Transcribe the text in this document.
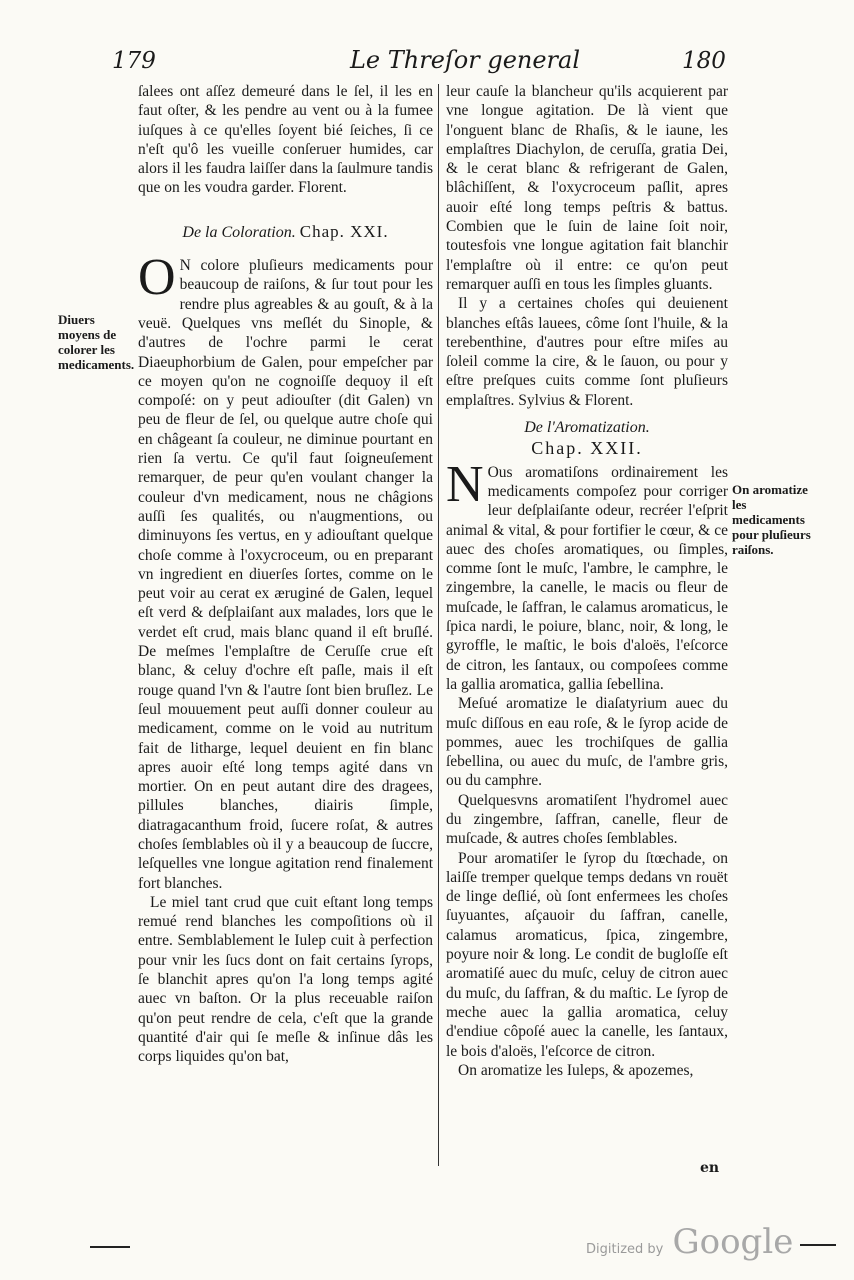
179	Le Threſor general	180

ſalees ont aſſez demeuré dans le ſel, il les en faut oſter, & les pendre au vent ou à la fumee iuſques à ce qu'elles ſoyent bié ſeiches, ſi ce n'eſt qu'ô les vueille conſeruer humides, car alors il les faudra laiſſer dans la ſaulmure tandis que on les voudra garder. Florent.

De la Coloration. Chap. XXI.

O N colore pluſieurs medicaments pour beaucoup de raiſons, & ſur tout pour les rendre plus agreables & au gouſt, & à la veuë. Quelques vns meſlét du Sinople, & d'autres de l'ochre parmi le cerat Diaeuphorbium de Galen, pour empeſcher par ce moyen qu'on ne cognoiſſe dequoy il eſt compoſé: on y peut adiouſter (dit Galen) vn peu de fleur de ſel, ou quelque autre choſe qui en châgeant ſa couleur, ne diminue pourtant en rien ſa vertu. Ce qu'il faut ſoigneuſement remarquer, de peur qu'en voulant changer la couleur d'vn medicament, nous ne châgions auſſi ſes qualités, ou n'augmentions, ou diminuyons ſes vertus, en y adiouſtant quelque choſe comme à l'oxycroceum, ou en preparant vn ingredient en diuerſes ſortes, comme on le peut voir au cerat ex æruginé de Galen, lequel eſt verd & deſplaiſant aux malades, lors que le verdet eſt crud, mais blanc quand il eſt bruſlé. De meſmes l'emplaſtre de Ceruſſe crue eſt blanc, & celuy d'ochre eſt paſle, mais il eſt rouge quand l'vn & l'autre ſont bien bruſlez. Le ſeul mouuement peut auſſi donner couleur au medicament, comme on le void au nutritum fait de litharge, lequel deuient en fin blanc apres auoir eſté long temps agité dans vn mortier. On en peut autant dire des dragees, pillules blanches, diairis ſimple, diatragacanthum froid, ſucere roſat, & autres choſes ſemblables où il y a beaucoup de ſuccre, leſquelles vne longue agitation rend finalement fort blanches.

Le miel tant crud que cuit eſtant long temps remué rend blanches les compoſitions où il entre. Semblablement le Iulep cuit à perfection pour vnir les ſucs dont on fait certains ſyrops, ſe blanchit apres qu'on l'a long temps agité auec vn baſton. Or la plus receuable raiſon qu'on peut rendre de cela, c'eſt que la grande quantité d'air qui ſe meſle & inſinue dâs les corps liquides qu'on bat,

leur cauſe la blancheur qu'ils acquierent par vne longue agitation. De là vient que l'onguent blanc de Rhaſis, & le iaune, les emplaſtres Diachylon, de ceruſſa, gratia Dei, & le cerat blanc & refrigerant de Galen, blâchiſſent, & l'oxycroceum paſlit, apres auoir eſté long temps peſtris & battus. Combien que le ſuin de laine ſoit noir, toutesfois vne longue agitation fait blanchir l'emplaſtre où il entre: ce qu'on peut remarquer auſſi en tous les ſimples gluants.

Il y a certaines choſes qui deuienent blanches eſtâs lauees, côme ſont l'huile, & la terebenthine, d'autres pour eſtre miſes au ſoleil comme la cire, & le ſauon, ou pour y eſtre preſques cuits comme ſont pluſieurs emplaſtres. Sylvius & Florent.

De l'Aromatization.
Chap. XXII.

N Ous aromatiſons ordinairement les medicaments compoſez pour corriger leur deſplaiſante odeur, recréer l'eſprit animal & vital, & pour fortifier le cœur, & ce auec des choſes aromatiques, ou ſimples, comme ſont le muſc, l'ambre, le camphre, le zingembre, la canelle, le macis ou fleur de muſcade, le ſaffran, le calamus aromaticus, le ſpica nardi, le poiure, blanc, noir, & long, le gyroffle, le maſtic, le bois d'aloës, l'eſcorce de citron, les ſantaux, ou compoſees comme la gallia aromatica, gallia ſebellina.

Meſué aromatize le diaſatyrium auec du muſc diſſous en eau roſe, & le ſyrop acide de pommes, auec les trochiſques de gallia ſebellina, ou auec du muſc, de l'ambre gris, ou du camphre.

Quelquesvns aromatiſent l'hydromel auec du zingembre, ſaffran, canelle, fleur de muſcade, & autres choſes ſemblables.

Pour aromatiſer le ſyrop du ſtœchade, on laiſſe tremper quelque temps dedans vn rouët de linge deſlié, où ſont enfermees les choſes ſuyuantes, aſçauoir du ſaffran, canelle, calamus aromaticus, ſpica, zingembre, poyure noir & long. Le condit de bugloſſe eſt aromatiſé auec du muſc, celuy de citron auec du muſc, du ſaffran, & du maſtic. Le ſyrop de meche auec la gallia aromatica, celuy d'endiue côpoſé auec la canelle, les ſantaux, le bois d'aloës, l'eſcorce de citron.

On aromatize les Iuleps, & apozemes,

Diuers moyens de colorer les medicaments.
On aromatize les medicaments pour pluſieurs raiſons.
en
Digitized by Google
